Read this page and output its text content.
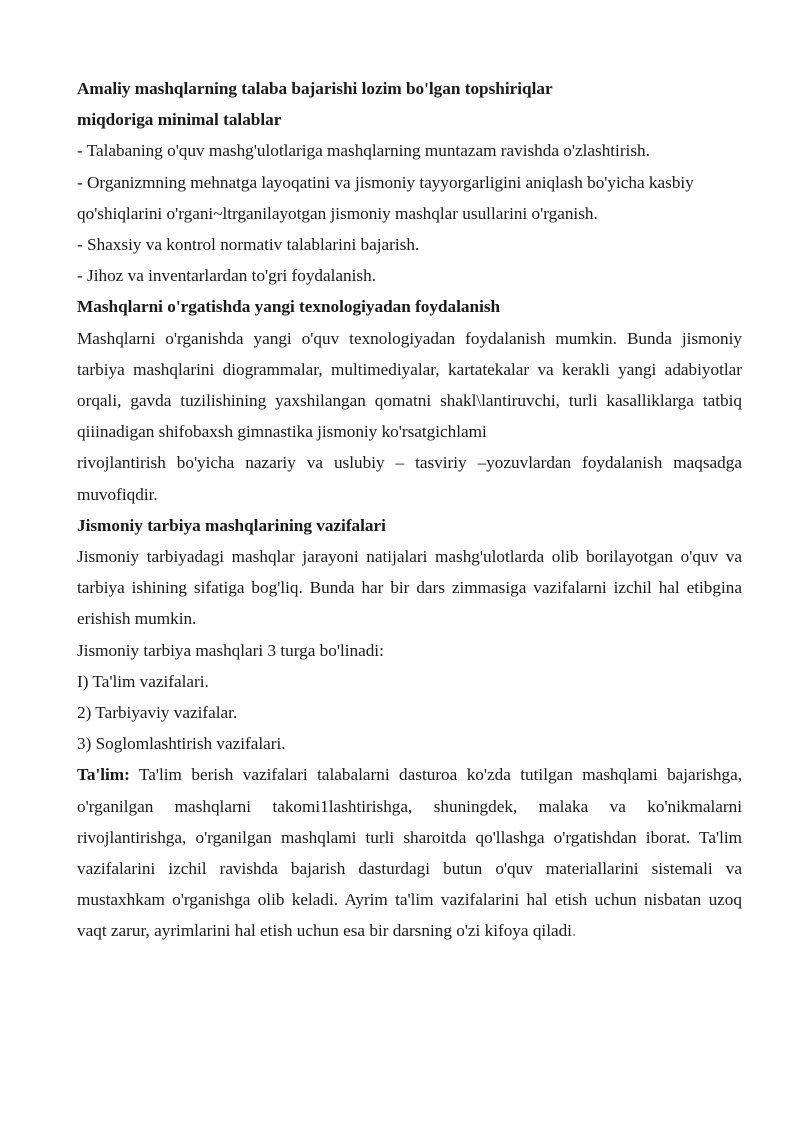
Amaliy mashqlarning talaba bajarishi lozim bo'lgan topshiriqlar

miqdoriga minimal talablar

- Talabaning o'quv mashg'ulotlariga mashqlarning muntazam ravishda o'zlashtirish.

- Organizmning mehnatga layoqatini va jismoniy tayyorgarligini aniqlash bo'yicha kasbiy qo'shiqlarini o'rgani~ltrganilayotgan jismoniy mashqlar usullarini o'rganish.

- Shaxsiy va kontrol normativ talablarini bajarish.

- Jihoz va inventarlardan to'gri foydalanish.

Mashqlarni o'rgatishda yangi texnologiyadan foydalanish

Mashqlarni o'rganishda yangi o'quv texnologiyadan foydalanish mumkin. Bunda jismoniy tarbiya mashqlarini diogrammalar, multimediyalar, kartatekalar va kerakli yangi adabiyotlar orqali, gavda tuzilishining yaxshilangan qomatni shakl\lantiruvchi, turli kasalliklarga tatbiq qiiinadigan shifobaxsh gimnastika jismoniy ko'rsatgichlami

rivojlantirish bo'yicha nazariy va uslubiy – tasviriy –yozuvlardan foydalanish maqsadga muvofiqdir.

Jismoniy tarbiya mashqlarining vazifalari

Jismoniy tarbiyadagi mashqlar jarayoni natijalari mashg'ulotlarda olib borilayotgan o'quv va tarbiya ishining sifatiga bog'liq. Bunda har bir dars zimmasiga vazifalarni izchil hal etibgina erishish mumkin.

Jismoniy tarbiya mashqlari 3 turga bo'linadi:

I) Ta'lim vazifalari.

2) Tarbiyaviy vazifalar.

3) Soglomlashtirish vazifalari.

Ta'lim: Ta'lim berish vazifalari talabalarni dasturoa ko'zda tutilgan mashqlami bajarishga, o'rganilgan mashqlarni takomi1lashtirishga, shuningdek, malaka va ko'nikmalarni rivojlantirishga, o'rganilgan mashqlami turli sharoitda qo'llashga o'rgatishdan iborat. Ta'lim vazifalarini izchil ravishda bajarish dasturdagi butun o'quv materiallarini sistemali va mustaxhkam o'rganishga olib keladi. Ayrim ta'lim vazifalarini hal etish uchun nisbatan uzoq vaqt zarur, ayrimlarini hal etish uchun esa bir darsning o'zi kifoya qiladi.
